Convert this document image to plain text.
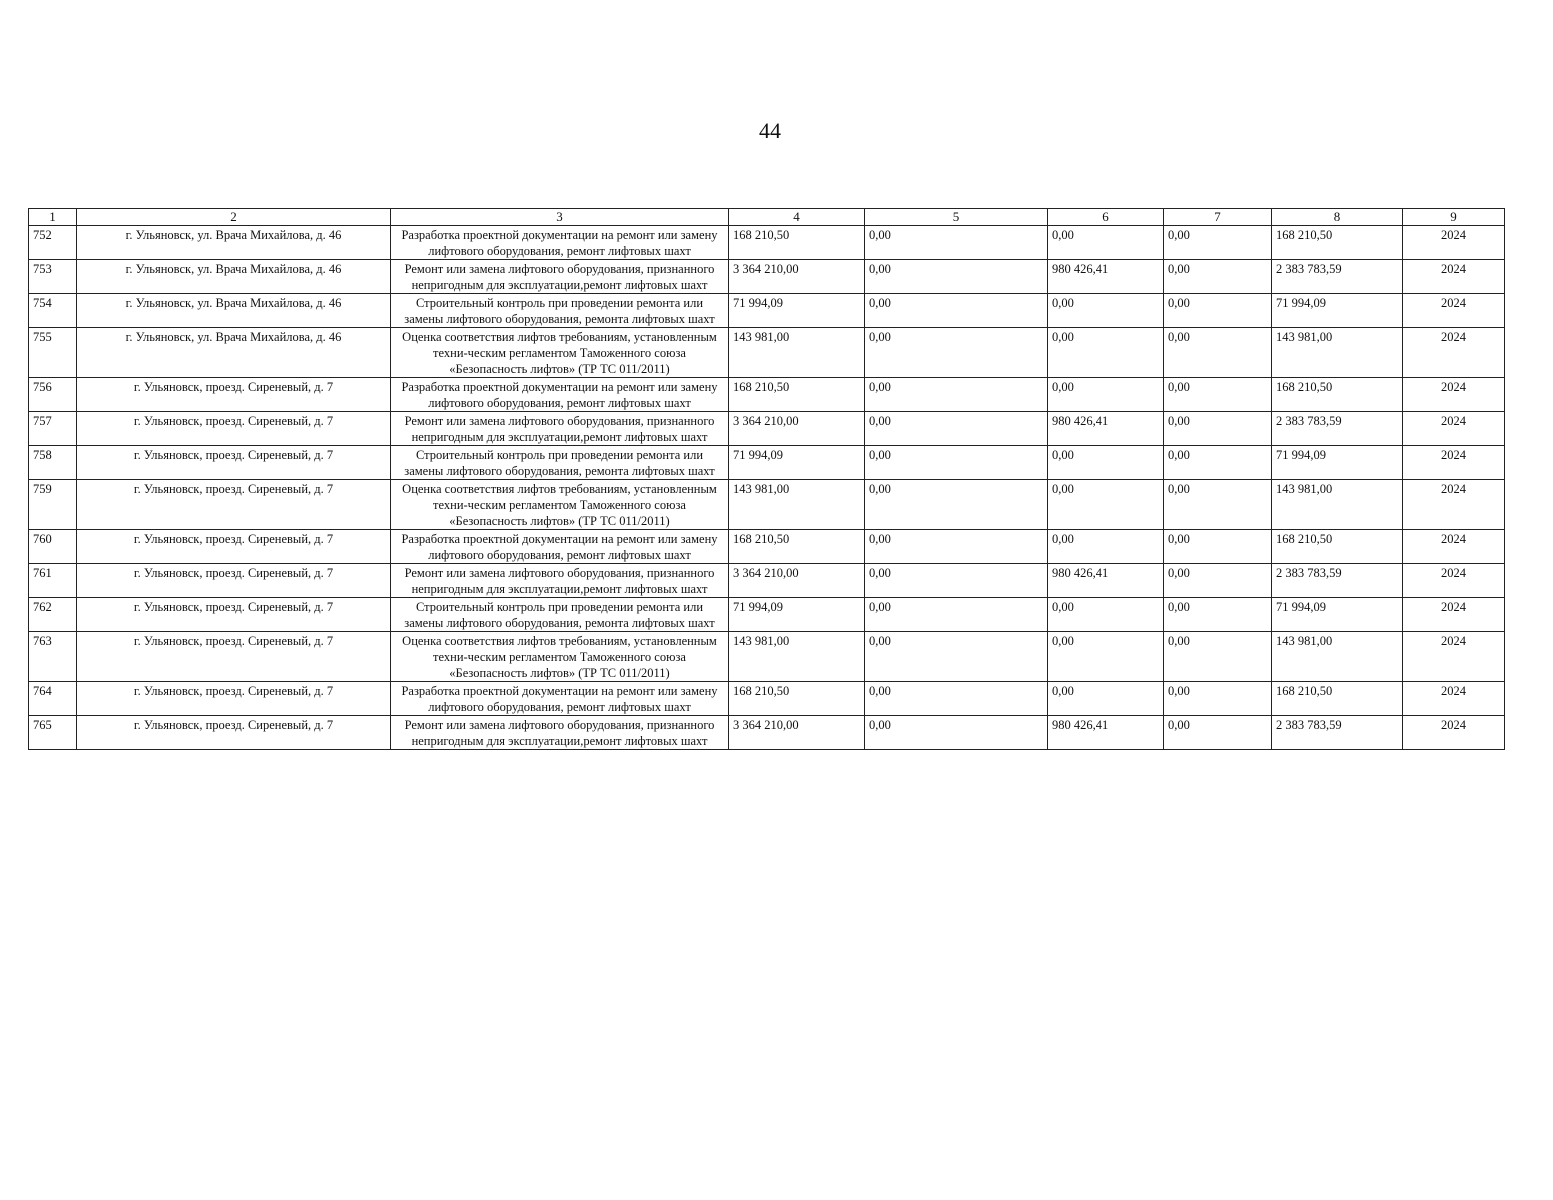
44
1	2	3	4	5	6	7	8	9
752	г. Ульяновск, ул. Врача Михайлова, д. 46	Разработка проектной документации на ремонт или замену лифтового оборудования, ремонт лифтовых шахт	168 210,50	0,00	0,00	0,00	168 210,50	2024
753	г. Ульяновск, ул. Врача Михайлова, д. 46	Ремонт или замена лифтового оборудования, признанного непригодным для эксплуатации,ремонт лифтовых шахт	3 364 210,00	0,00	980 426,41	0,00	2 383 783,59	2024
754	г. Ульяновск, ул. Врача Михайлова, д. 46	Строительный контроль при проведении ремонта или замены лифтового оборудования, ремонта лифтовых шахт	71 994,09	0,00	0,00	0,00	71 994,09	2024
755	г. Ульяновск, ул. Врача Михайлова, д. 46	Оценка соответствия лифтов требованиям, установленным техни-ческим регламентом Таможенного союза «Безопасность лифтов» (ТР ТС 011/2011)	143 981,00	0,00	0,00	0,00	143 981,00	2024
756	г. Ульяновск, проезд. Сиреневый, д. 7	Разработка проектной документации на ремонт или замену лифтового оборудования, ремонт лифтовых шахт	168 210,50	0,00	0,00	0,00	168 210,50	2024
757	г. Ульяновск, проезд. Сиреневый, д. 7	Ремонт или замена лифтового оборудования, признанного непригодным для эксплуатации,ремонт лифтовых шахт	3 364 210,00	0,00	980 426,41	0,00	2 383 783,59	2024
758	г. Ульяновск, проезд. Сиреневый, д. 7	Строительный контроль при проведении ремонта или замены лифтового оборудования, ремонта лифтовых шахт	71 994,09	0,00	0,00	0,00	71 994,09	2024
759	г. Ульяновск, проезд. Сиреневый, д. 7	Оценка соответствия лифтов требованиям, установленным техни-ческим регламентом Таможенного союза «Безопасность лифтов» (ТР ТС 011/2011)	143 981,00	0,00	0,00	0,00	143 981,00	2024
760	г. Ульяновск, проезд. Сиреневый, д. 7	Разработка проектной документации на ремонт или замену лифтового оборудования, ремонт лифтовых шахт	168 210,50	0,00	0,00	0,00	168 210,50	2024
761	г. Ульяновск, проезд. Сиреневый, д. 7	Ремонт или замена лифтового оборудования, признанного непригодным для эксплуатации,ремонт лифтовых шахт	3 364 210,00	0,00	980 426,41	0,00	2 383 783,59	2024
762	г. Ульяновск, проезд. Сиреневый, д. 7	Строительный контроль при проведении ремонта или замены лифтового оборудования, ремонта лифтовых шахт	71 994,09	0,00	0,00	0,00	71 994,09	2024
763	г. Ульяновск, проезд. Сиреневый, д. 7	Оценка соответствия лифтов требованиям, установленным техни-ческим регламентом Таможенного союза «Безопасность лифтов» (ТР ТС 011/2011)	143 981,00	0,00	0,00	0,00	143 981,00	2024
764	г. Ульяновск, проезд. Сиреневый, д. 7	Разработка проектной документации на ремонт или замену лифтового оборудования, ремонт лифтовых шахт	168 210,50	0,00	0,00	0,00	168 210,50	2024
765	г. Ульяновск, проезд. Сиреневый, д. 7	Ремонт или замена лифтового оборудования, признанного непригодным для эксплуатации,ремонт лифтовых шахт	3 364 210,00	0,00	980 426,41	0,00	2 383 783,59	2024
